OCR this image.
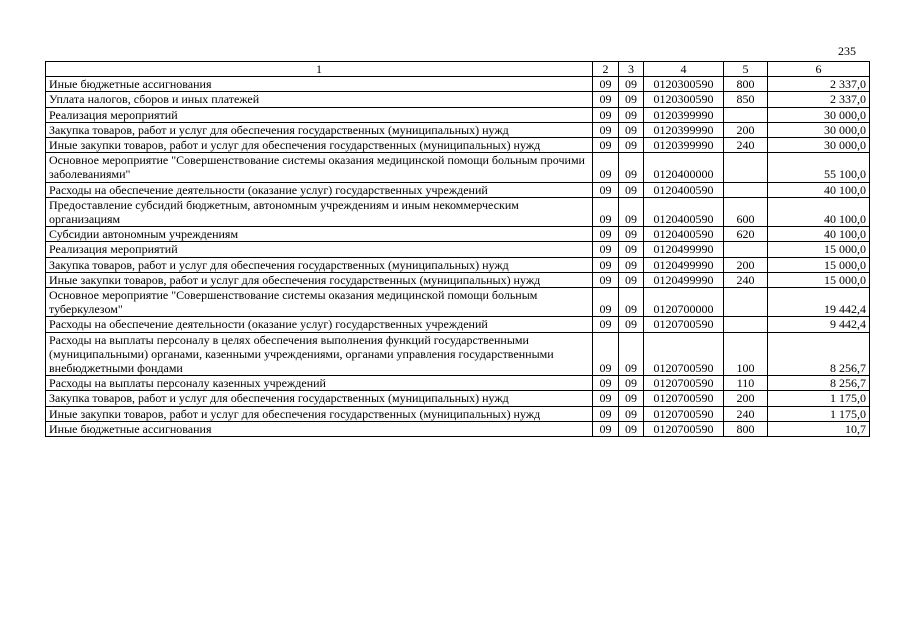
235
1	2	3	4	5	6
Иные бюджетные ассигнования	09	09	0120300590	800	2 337,0
Уплата налогов, сборов и иных платежей	09	09	0120300590	850	2 337,0
Реализация мероприятий	09	09	0120399990		30 000,0
Закупка товаров, работ и услуг для обеспечения государственных (муниципальных) нужд	09	09	0120399990	200	30 000,0
Иные закупки товаров, работ и услуг для обеспечения государственных (муниципальных) нужд	09	09	0120399990	240	30 000,0
Основное мероприятие "Совершенствование системы оказания медицинской помощи больным прочими заболеваниями"	09	09	0120400000		55 100,0
Расходы на обеспечение деятельности (оказание услуг) государственных учреждений	09	09	0120400590		40 100,0
Предоставление субсидий бюджетным, автономным учреждениям и иным некоммерческим организациям	09	09	0120400590	600	40 100,0
Субсидии автономным учреждениям	09	09	0120400590	620	40 100,0
Реализация мероприятий	09	09	0120499990		15 000,0
Закупка товаров, работ и услуг для обеспечения государственных (муниципальных) нужд	09	09	0120499990	200	15 000,0
Иные закупки товаров, работ и услуг для обеспечения государственных (муниципальных) нужд	09	09	0120499990	240	15 000,0
Основное мероприятие "Совершенствование системы оказания медицинской помощи больным туберкулезом"	09	09	0120700000		19 442,4
Расходы на обеспечение деятельности (оказание услуг) государственных учреждений	09	09	0120700590		9 442,4
Расходы на выплаты персоналу в целях обеспечения выполнения функций государственными (муниципальными) органами, казенными учреждениями, органами управления государственными внебюджетными фондами	09	09	0120700590	100	8 256,7
Расходы на выплаты персоналу казенных учреждений	09	09	0120700590	110	8 256,7
Закупка товаров, работ и услуг для обеспечения государственных (муниципальных) нужд	09	09	0120700590	200	1 175,0
Иные закупки товаров, работ и услуг для обеспечения государственных (муниципальных) нужд	09	09	0120700590	240	1 175,0
Иные бюджетные ассигнования	09	09	0120700590	800	10,7
